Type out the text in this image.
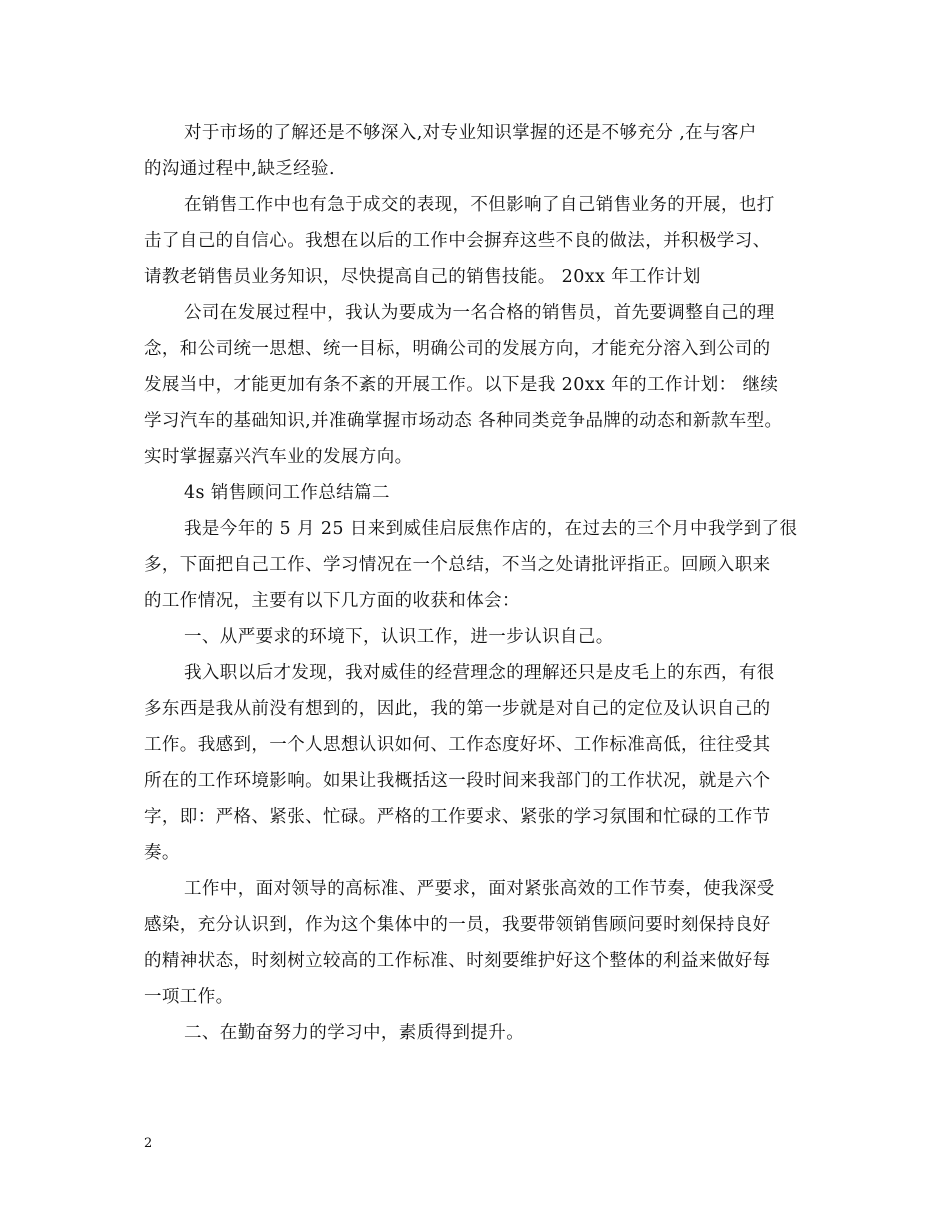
对于市场的了解还是不够深入,对专业知识掌握的还是不够充分 ,在与客户
的沟通过程中,缺乏经验.
在销售工作中也有急于成交的表现，不但影响了自己销售业务的开展，也打
击了自己的自信心。我想在以后的工作中会摒弃这些不良的做法，并积极学习、
请教老销售员业务知识，尽快提高自己的销售技能。 20xx 年工作计划
公司在发展过程中，我认为要成为一名合格的销售员，首先要调整自己的理
念，和公司统一思想、统一目标，明确公司的发展方向，才能充分溶入到公司的
发展当中，才能更加有条不紊的开展工作。以下是我 20xx 年的工作计划： 继续
学习汽车的基础知识,并准确掌握市场动态 各种同类竞争品牌的动态和新款车型。
实时掌握嘉兴汽车业的发展方向。
4s 销售顾问工作总结篇二
我是今年的 5 月 25 日来到威佳启辰焦作店的，在过去的三个月中我学到了很
多，下面把自己工作、学习情况在一个总结，不当之处请批评指正。回顾入职来
的工作情况，主要有以下几方面的收获和体会：
一、从严要求的环境下，认识工作，进一步认识自己。
我入职以后才发现，我对威佳的经营理念的理解还只是皮毛上的东西，有很
多东西是我从前没有想到的，因此，我的第一步就是对自己的定位及认识自己的
工作。我感到，一个人思想认识如何、工作态度好坏、工作标准高低，往往受其
所在的工作环境影响。如果让我概括这一段时间来我部门的工作状况，就是六个
字，即：严格、紧张、忙碌。严格的工作要求、紧张的学习氛围和忙碌的工作节
奏。
工作中，面对领导的高标准、严要求，面对紧张高效的工作节奏，使我深受
感染，充分认识到，作为这个集体中的一员，我要带领销售顾问要时刻保持良好
的精神状态，时刻树立较高的工作标准、时刻要维护好这个整体的利益来做好每
一项工作。
二、在勤奋努力的学习中，素质得到提升。
2
